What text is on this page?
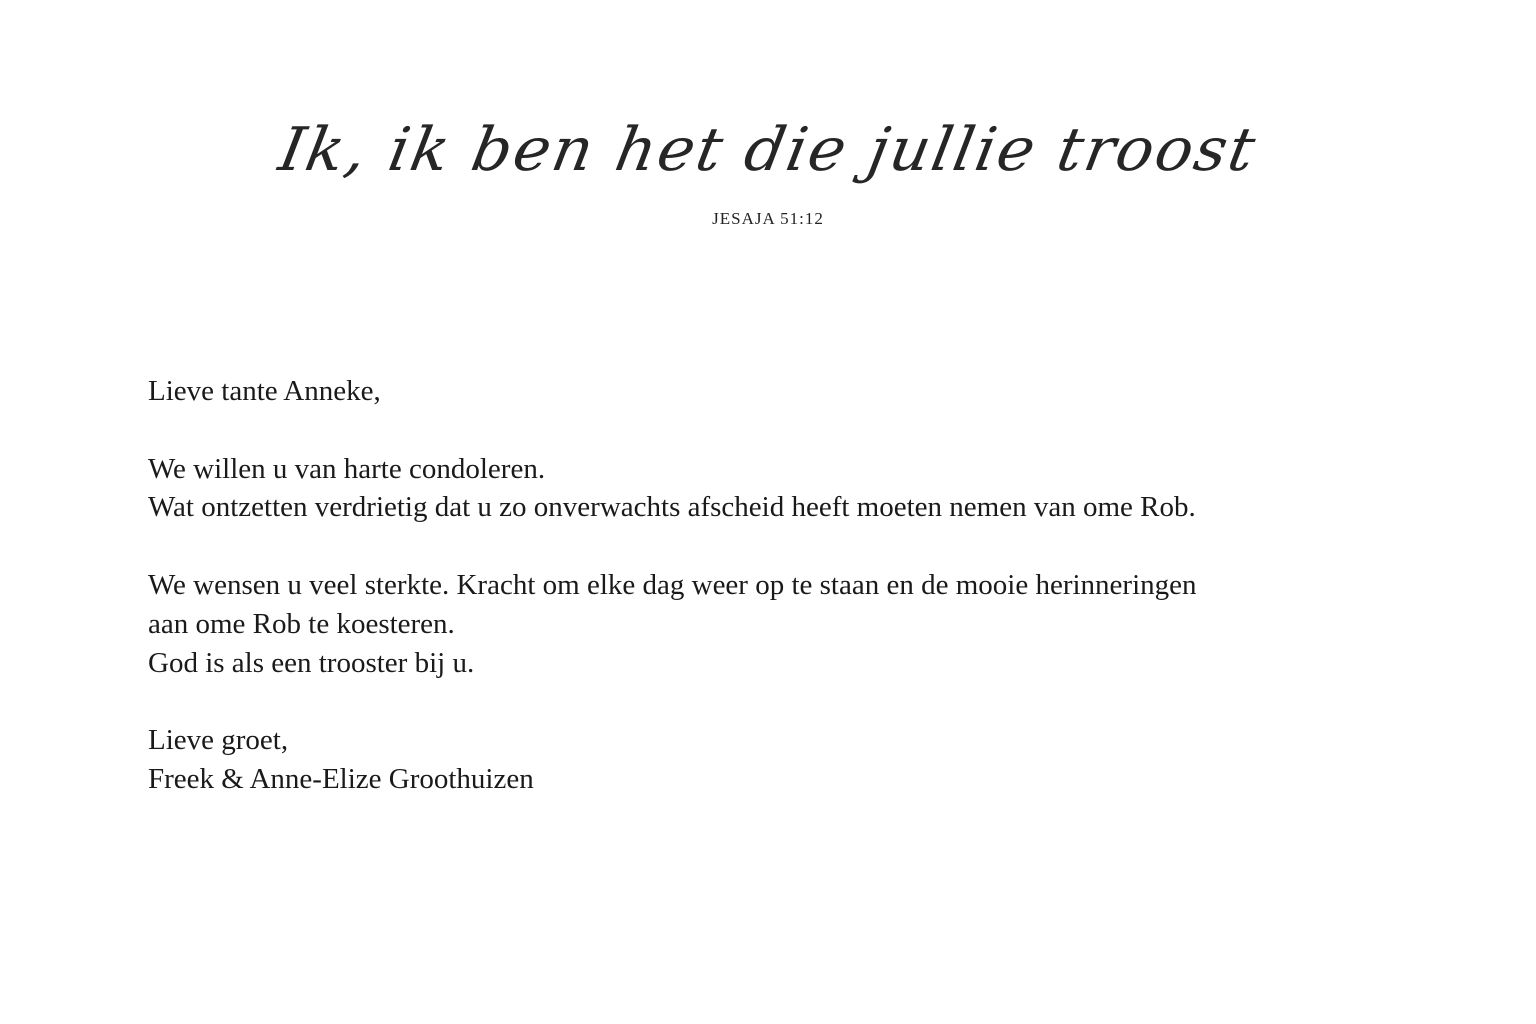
Ik, ik ben het die jullie troost
JESAJA 51:12
Lieve tante Anneke,
We willen u van harte condoleren.
Wat ontzetten verdrietig dat u zo onverwachts afscheid heeft moeten nemen van ome Rob.
We wensen u veel sterkte. Kracht om elke dag weer op te staan en de mooie herinneringen
aan ome Rob te koesteren.
God is als een trooster bij u.
Lieve groet,
Freek & Anne-Elize Groothuizen
